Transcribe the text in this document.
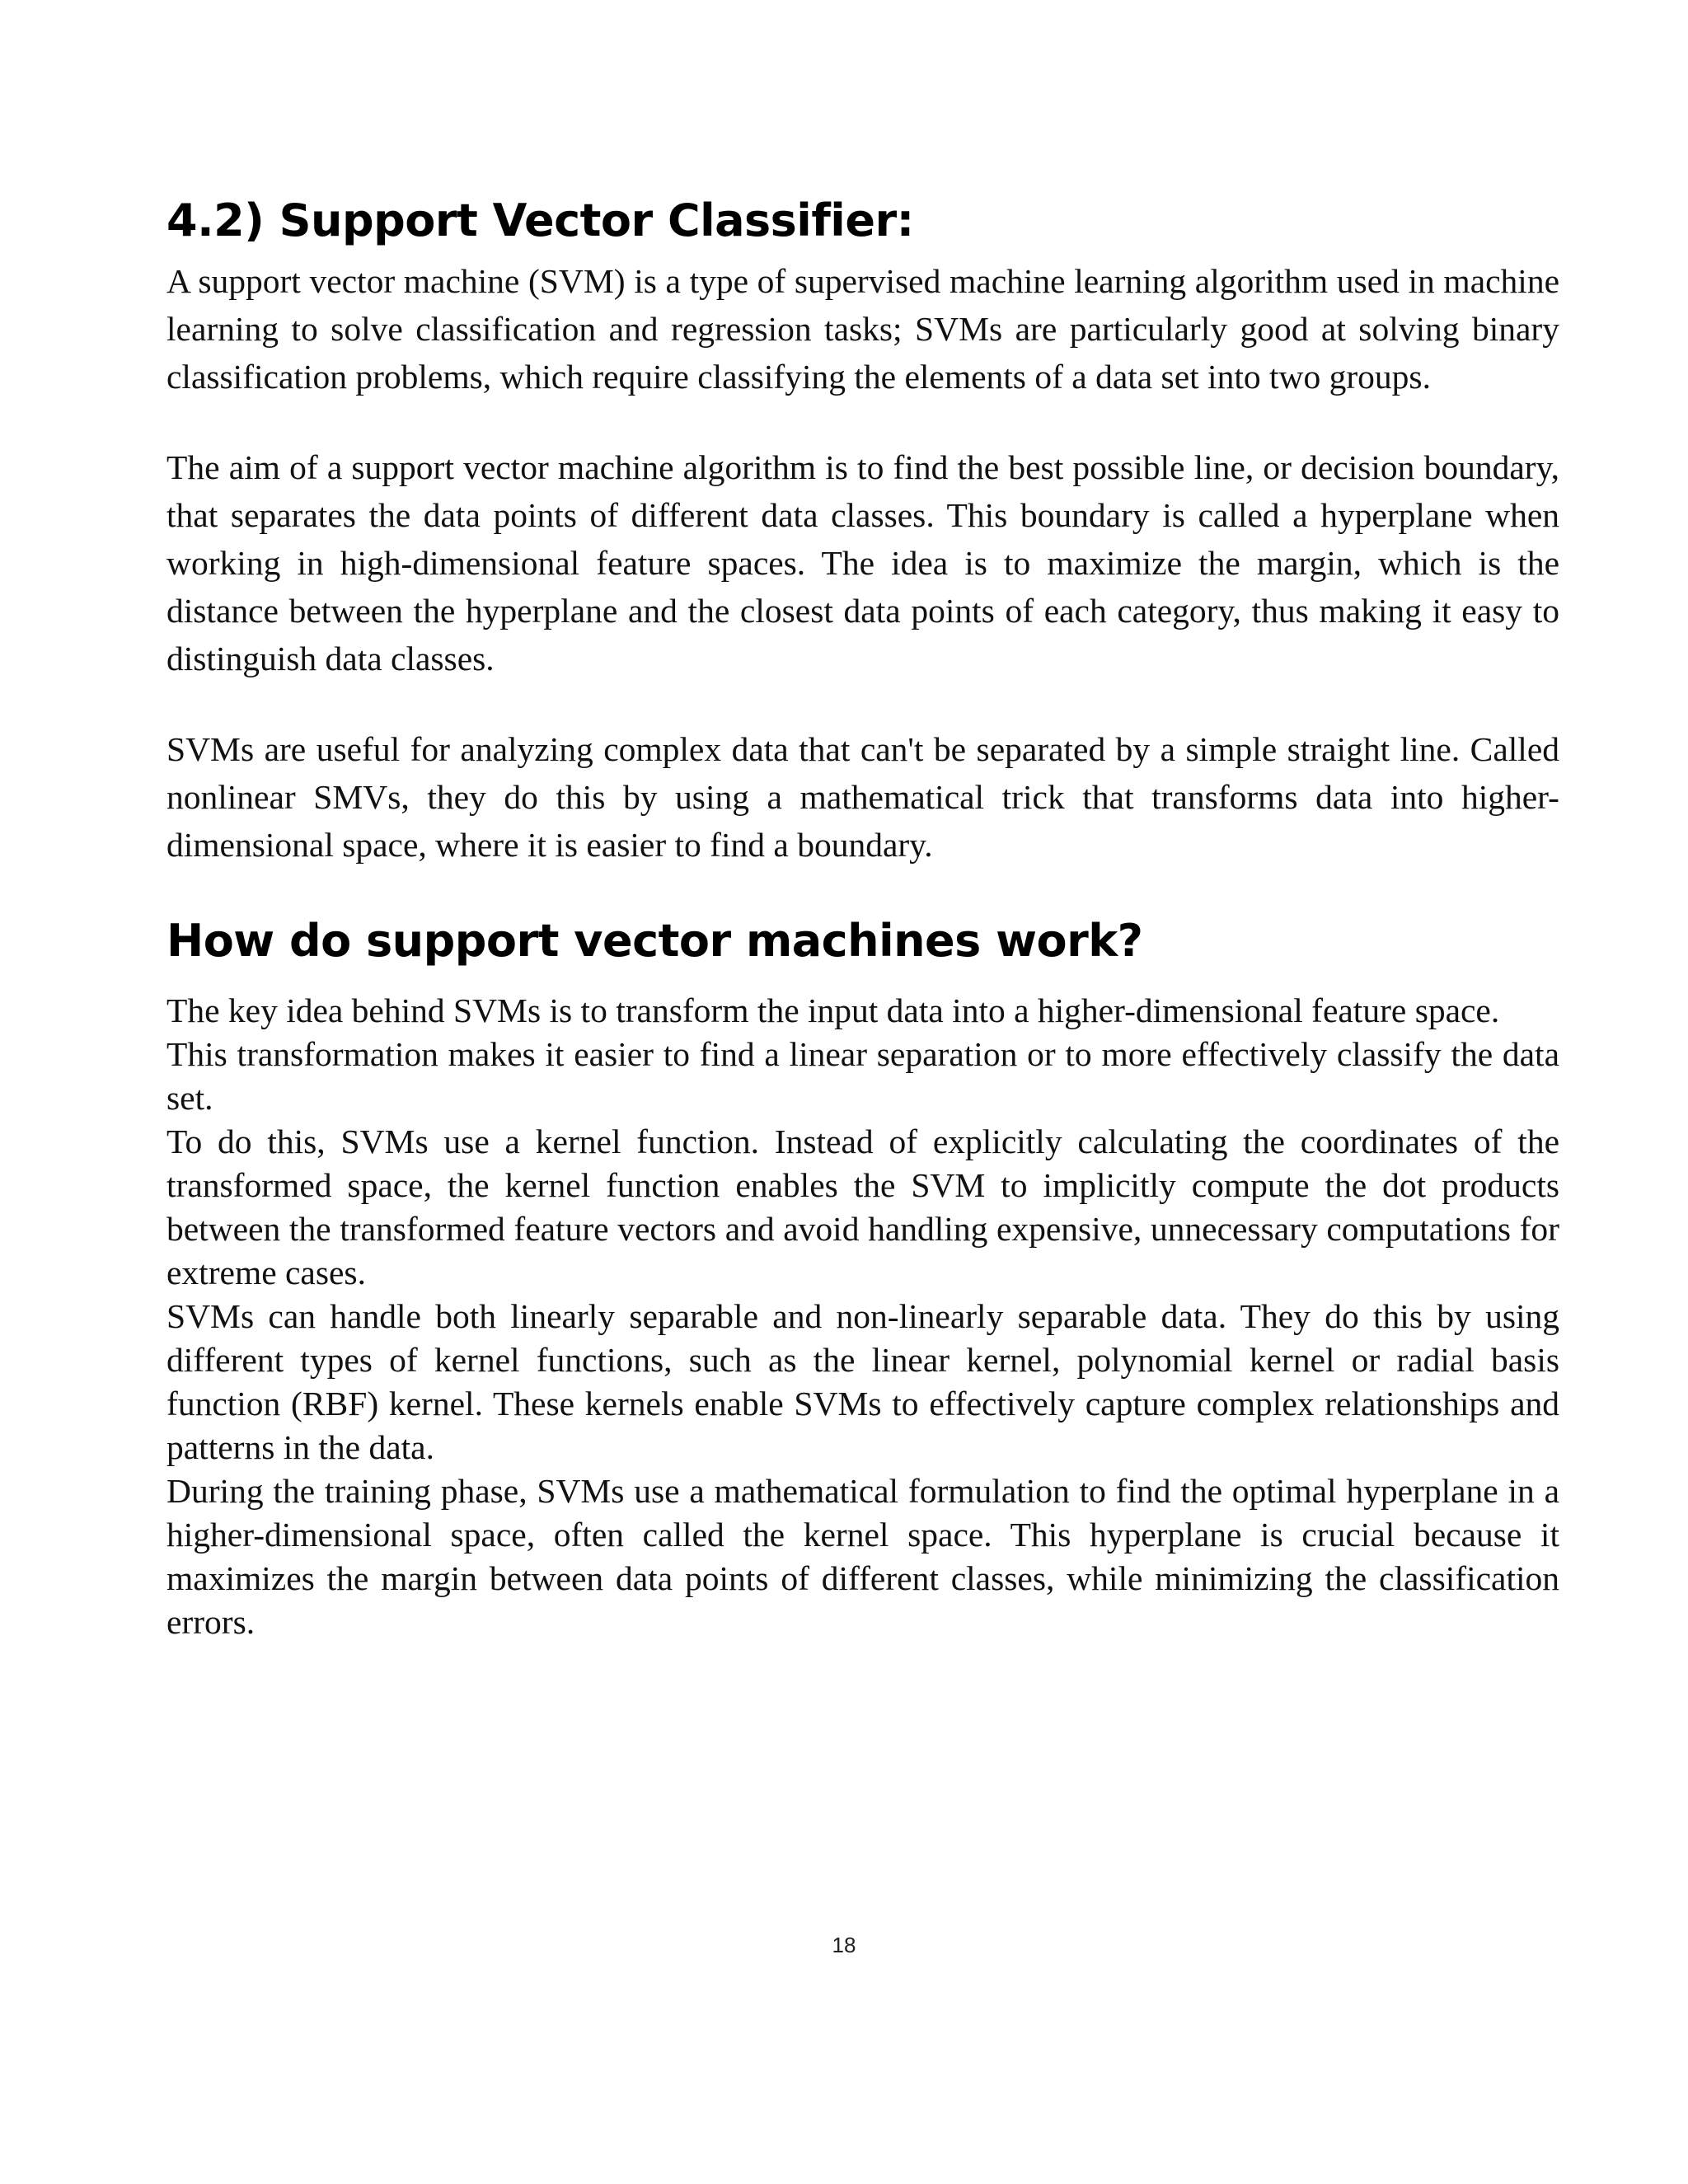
4.2) Support Vector Classifier:

A support vector machine (SVM) is a type of supervised machine learning algorithm used in machine learning to solve classification and regression tasks; SVMs are particularly good at solving binary classification problems, which require classifying the elements of a data set into two groups.

The aim of a support vector machine algorithm is to find the best possible line, or decision boundary, that separates the data points of different data classes. This boundary is called a hyperplane when working in high-dimensional feature spaces. The idea is to maximize the margin, which is the distance between the hyperplane and the closest data points of each category, thus making it easy to distinguish data classes.

SVMs are useful for analyzing complex data that can't be separated by a simple straight line. Called nonlinear SMVs, they do this by using a mathematical trick that transforms data into higher-dimensional space, where it is easier to find a boundary.

How do support vector machines work?
The key idea behind SVMs is to transform the input data into a higher-dimensional feature space.
This transformation makes it easier to find a linear separation or to more effectively classify the data set.
To do this, SVMs use a kernel function. Instead of explicitly calculating the coordinates of the transformed space, the kernel function enables the SVM to implicitly compute the dot products between the transformed feature vectors and avoid handling expensive, unnecessary computations for extreme cases.
SVMs can handle both linearly separable and non-linearly separable data. They do this by using different types of kernel functions, such as the linear kernel, polynomial kernel or radial basis function (RBF) kernel. These kernels enable SVMs to effectively capture complex relationships and patterns in the data.
During the training phase, SVMs use a mathematical formulation to find the optimal hyperplane in a higher-dimensional space, often called the kernel space. This hyperplane is crucial because it maximizes the margin between data points of different classes, while minimizing the classification errors.
18
